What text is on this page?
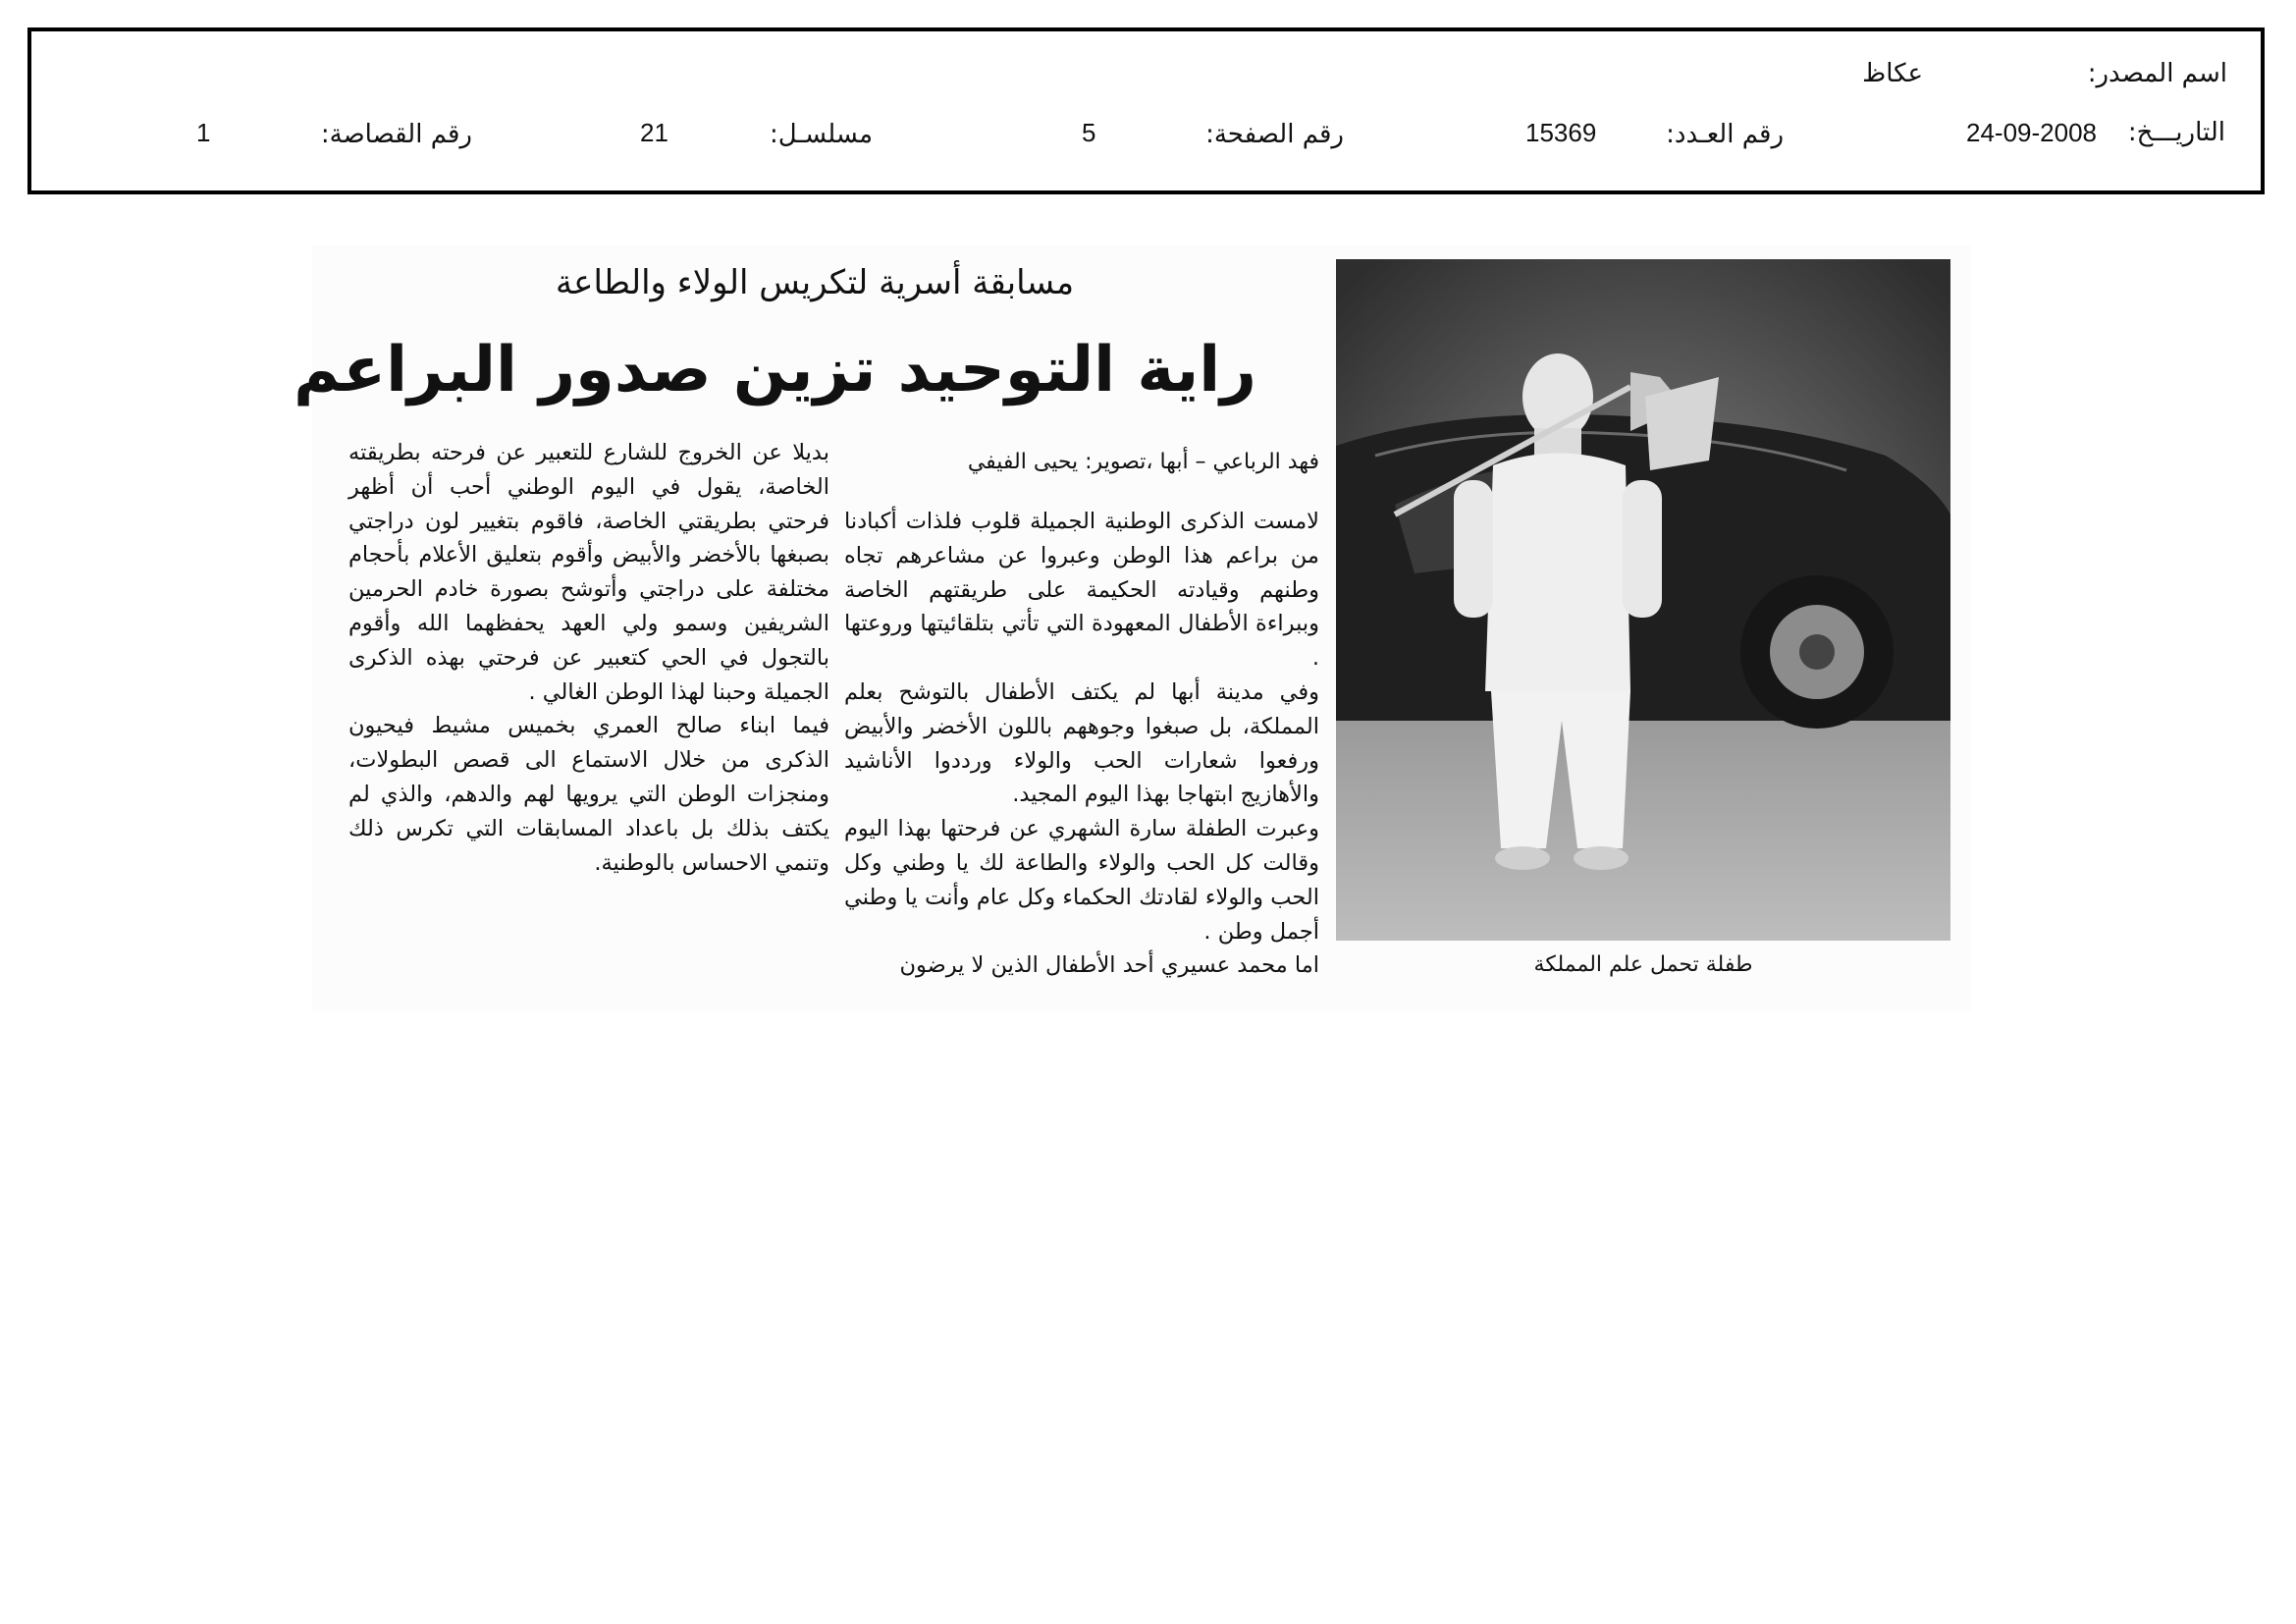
اسم المصدر:
عكاظ
التاريـــخ:
24-09-2008
رقم العـدد:
15369
رقم الصفحة:
5
مسلسـل:
21
رقم القصاصة:
1
مسابقة أسرية لتكريس الولاء والطاعة
راية التوحيد تزين صدور البراعم
فهد الرباعي – أبها ،تصوير: يحيى الفيفي

لامست الذكرى الوطنية الجميلة قلوب فلذات أكبادنا من براعم هذا الوطن وعبروا عن مشاعرهم تجاه وطنهم وقيادته الحكيمة على طريقتهم الخاصة وببراءة الأطفال المعهودة التي تأتي بتلقائيتها وروعتها .

وفي مدينة أبها لم يكتف الأطفال بالتوشح بعلم المملكة، بل صبغوا وجوههم باللون الأخضر والأبيض ورفعوا شعارات الحب والولاء ورددوا الأناشيد والأهازيج ابتهاجا بهذا اليوم المجيد.

وعبرت الطفلة سارة الشهري عن فرحتها بهذا اليوم وقالت كل الحب والولاء والطاعة لك يا وطني وكل الحب والولاء لقادتك الحكماء وكل عام وأنت يا وطني أجمل وطن .

اما محمد عسيري أحد الأطفال الذين لا يرضون

بديلا عن الخروج للشارع للتعبير عن فرحته بطريقته الخاصة، يقول في اليوم الوطني أحب أن أظهر فرحتي بطريقتي الخاصة، فاقوم بتغيير لون دراجتي بصبغها بالأخضر والأبيض وأقوم بتعليق الأعلام بأحجام مختلفة على دراجتي وأتوشح بصورة خادم الحرمين الشريفين وسمو ولي العهد يحفظهما الله وأقوم بالتجول في الحي كتعبير عن فرحتي بهذه الذكرى الجميلة وحبنا لهذا الوطن الغالي .

فيما ابناء صالح العمري بخميس مشيط فيحيون الذكرى من خلال الاستماع الى قصص البطولات، ومنجزات الوطن التي يرويها لهم والدهم، والذي لم يكتف بذلك بل باعداد المسابقات التي تكرس ذلك وتنمي الاحساس بالوطنية.

طفلة تحمل علم المملكة
